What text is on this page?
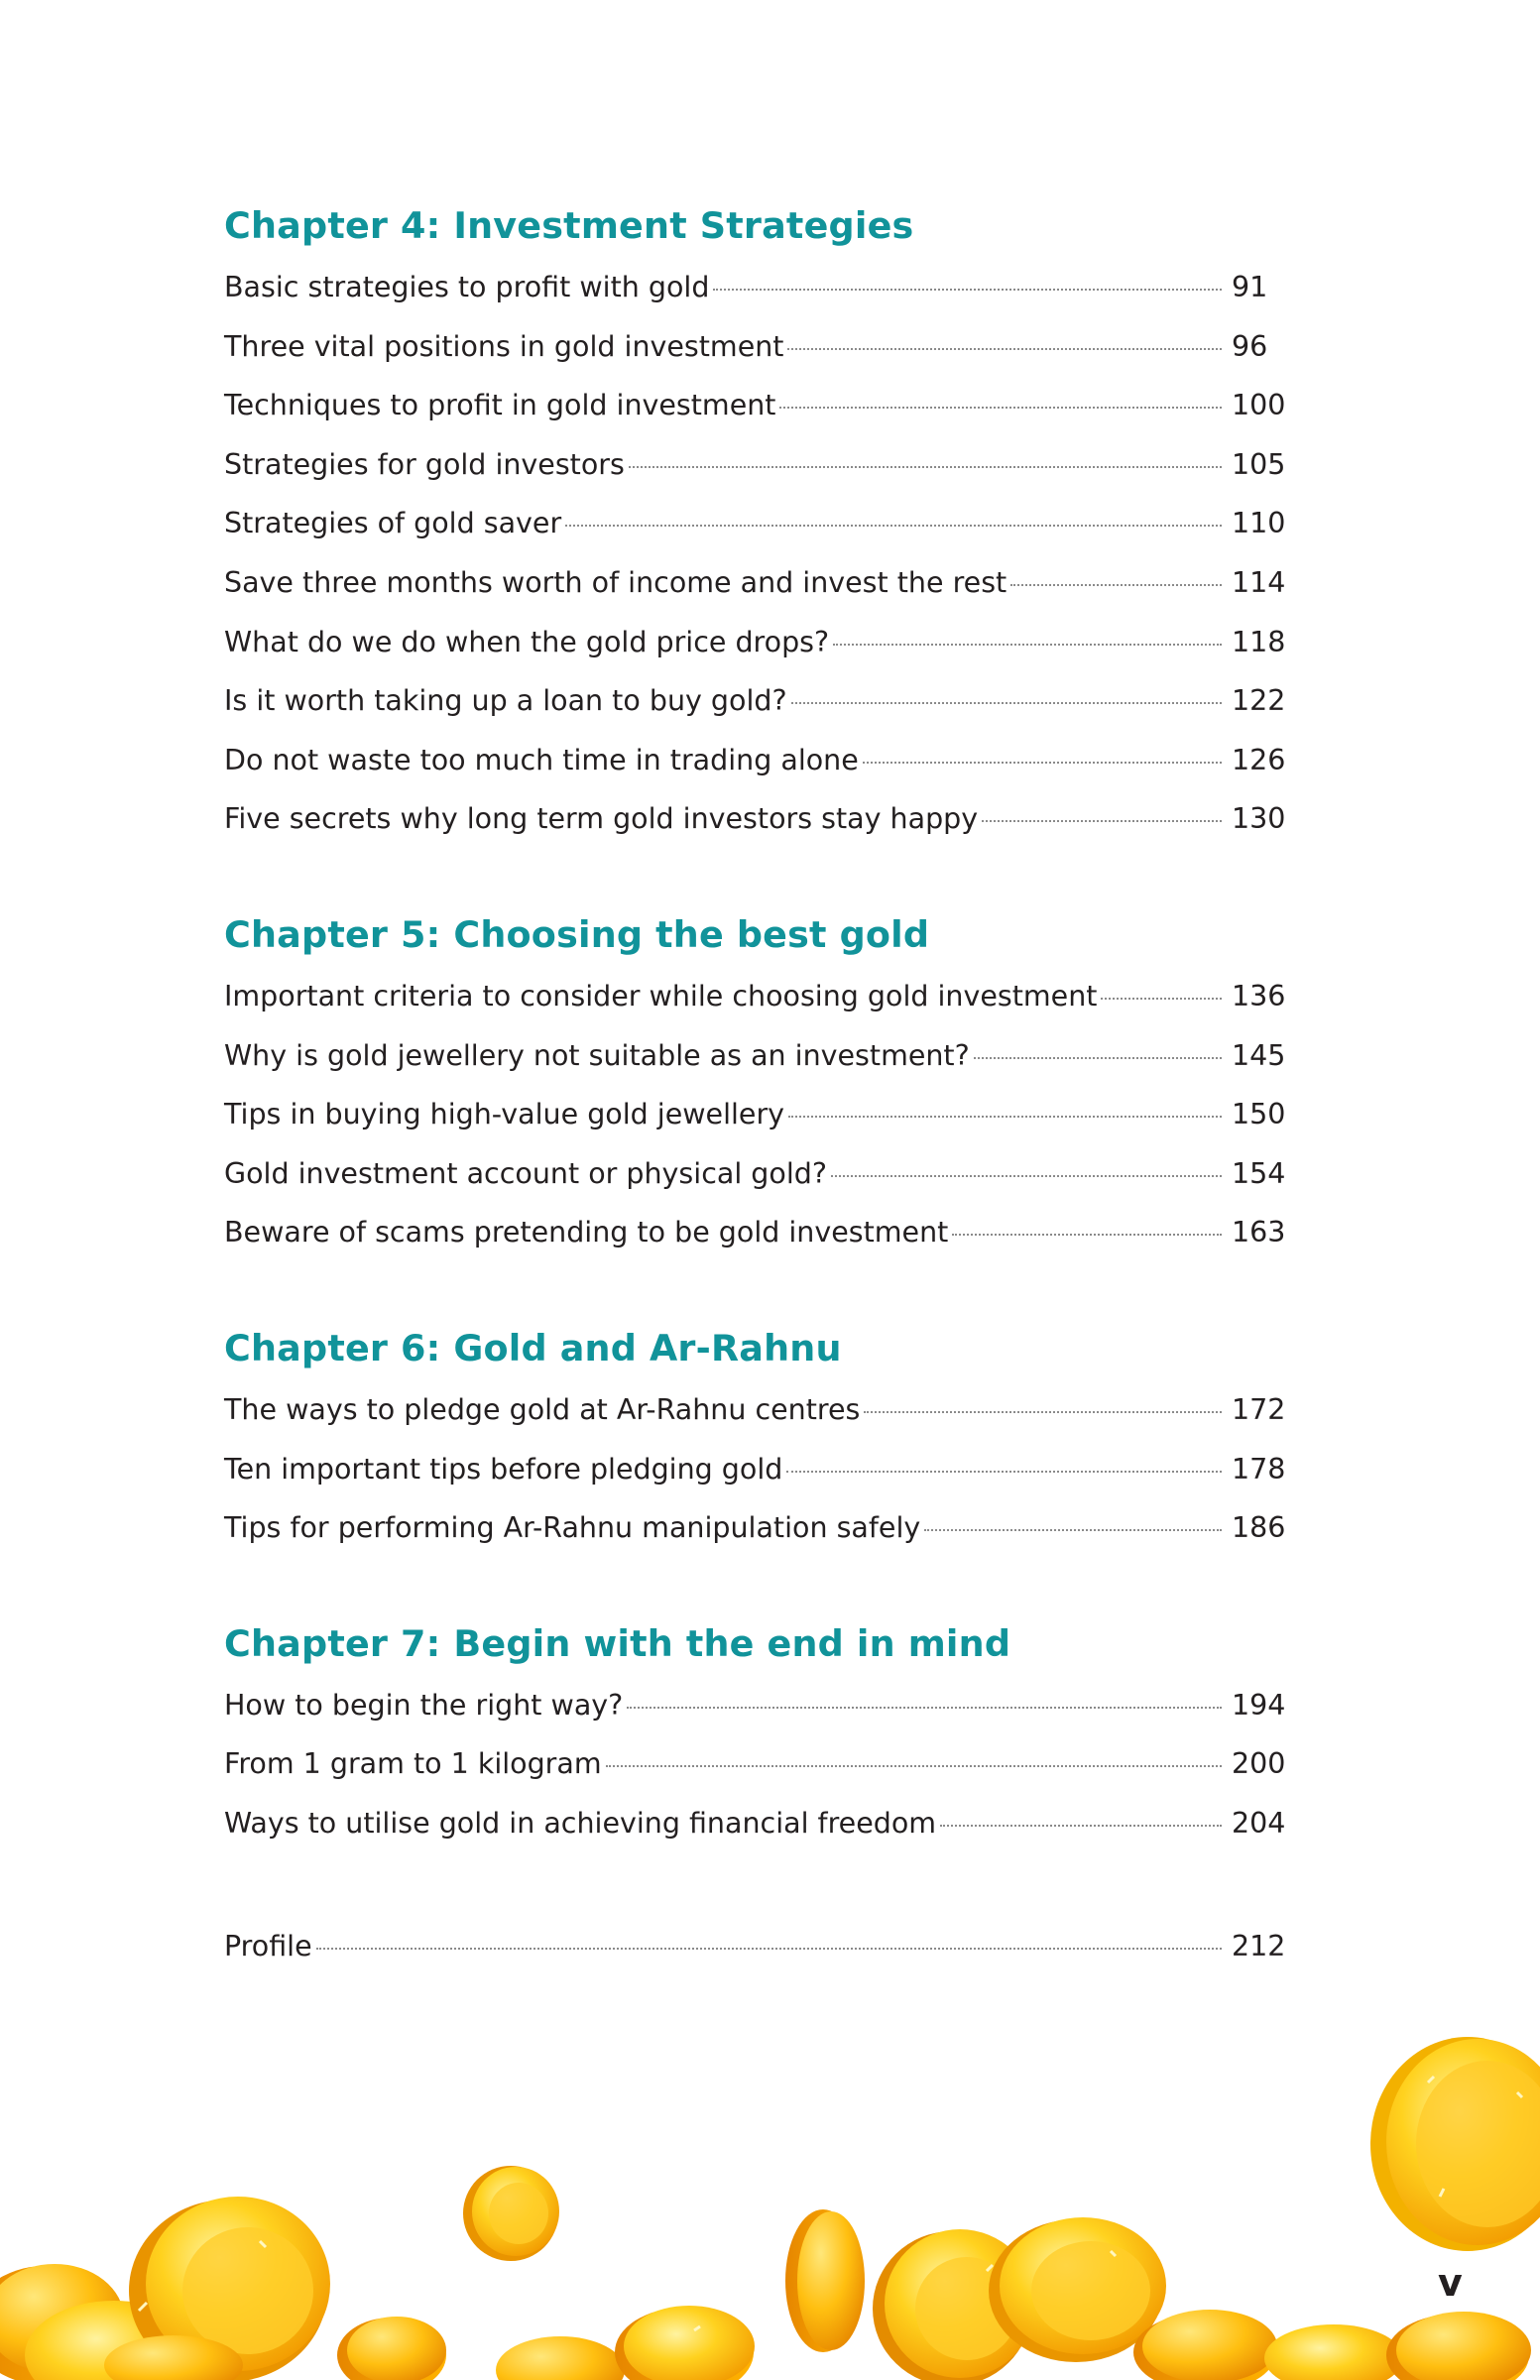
Chapter 4: Investment Strategies
Basic strategies to profit with gold	91
Three vital positions in gold investment	96
Techniques to profit in gold investment	100
Strategies for gold investors	105
Strategies of gold saver	110
Save three months worth of income and invest the rest	114
What do we do when the gold price drops?	118
Is it worth taking up a loan to buy gold?	122
Do not waste too much time in trading alone	126
Five secrets why long term gold investors stay happy	130
Chapter 5: Choosing the best gold
Important criteria to consider while choosing gold investment	136
Why is gold jewellery not suitable as an investment?	145
Tips in buying high-value gold jewellery	150
Gold investment account or physical gold?	154
Beware of scams pretending to be gold investment	163
Chapter 6: Gold and Ar-Rahnu
The ways to pledge gold at Ar-Rahnu centres	172
Ten important tips before pledging gold	178
Tips for performing Ar-Rahnu manipulation safely	186
Chapter 7: Begin with the end in mind
How to begin the right way?	194
From 1 gram to 1 kilogram	200
Ways to utilise gold in achieving financial freedom	204
Profile	212
v
